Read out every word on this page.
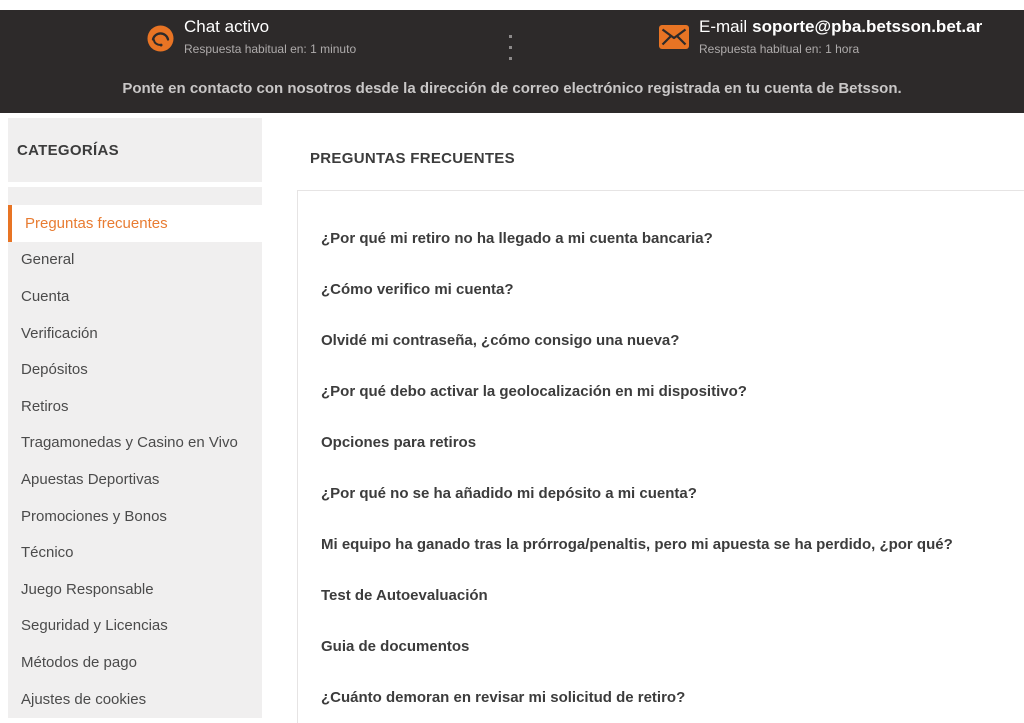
Chat activo
Respuesta habitual en: 1 minuto
E-mail soporte@pba.betsson.bet.ar
Respuesta habitual en: 1 hora
Ponte en contacto con nosotros desde la dirección de correo electrónico registrada en tu cuenta de Betsson.
CATEGORÍAS
Preguntas frecuentes
General
Cuenta
Verificación
Depósitos
Retiros
Tragamonedas y Casino en Vivo
Apuestas Deportivas
Promociones y Bonos
Técnico
Juego Responsable
Seguridad y Licencias
Métodos de pago
Ajustes de cookies
PREGUNTAS FRECUENTES
¿Por qué mi retiro no ha llegado a mi cuenta bancaria?
¿Cómo verifico mi cuenta?
Olvidé mi contraseña, ¿cómo consigo una nueva?
¿Por qué debo activar la geolocalización en mi dispositivo?
Opciones para retiros
¿Por qué no se ha añadido mi depósito a mi cuenta?
Mi equipo ha ganado tras la prórroga/penaltis, pero mi apuesta se ha perdido, ¿por qué?
Test de Autoevaluación
Guia de documentos
¿Cuánto demoran en revisar mi solicitud de retiro?
